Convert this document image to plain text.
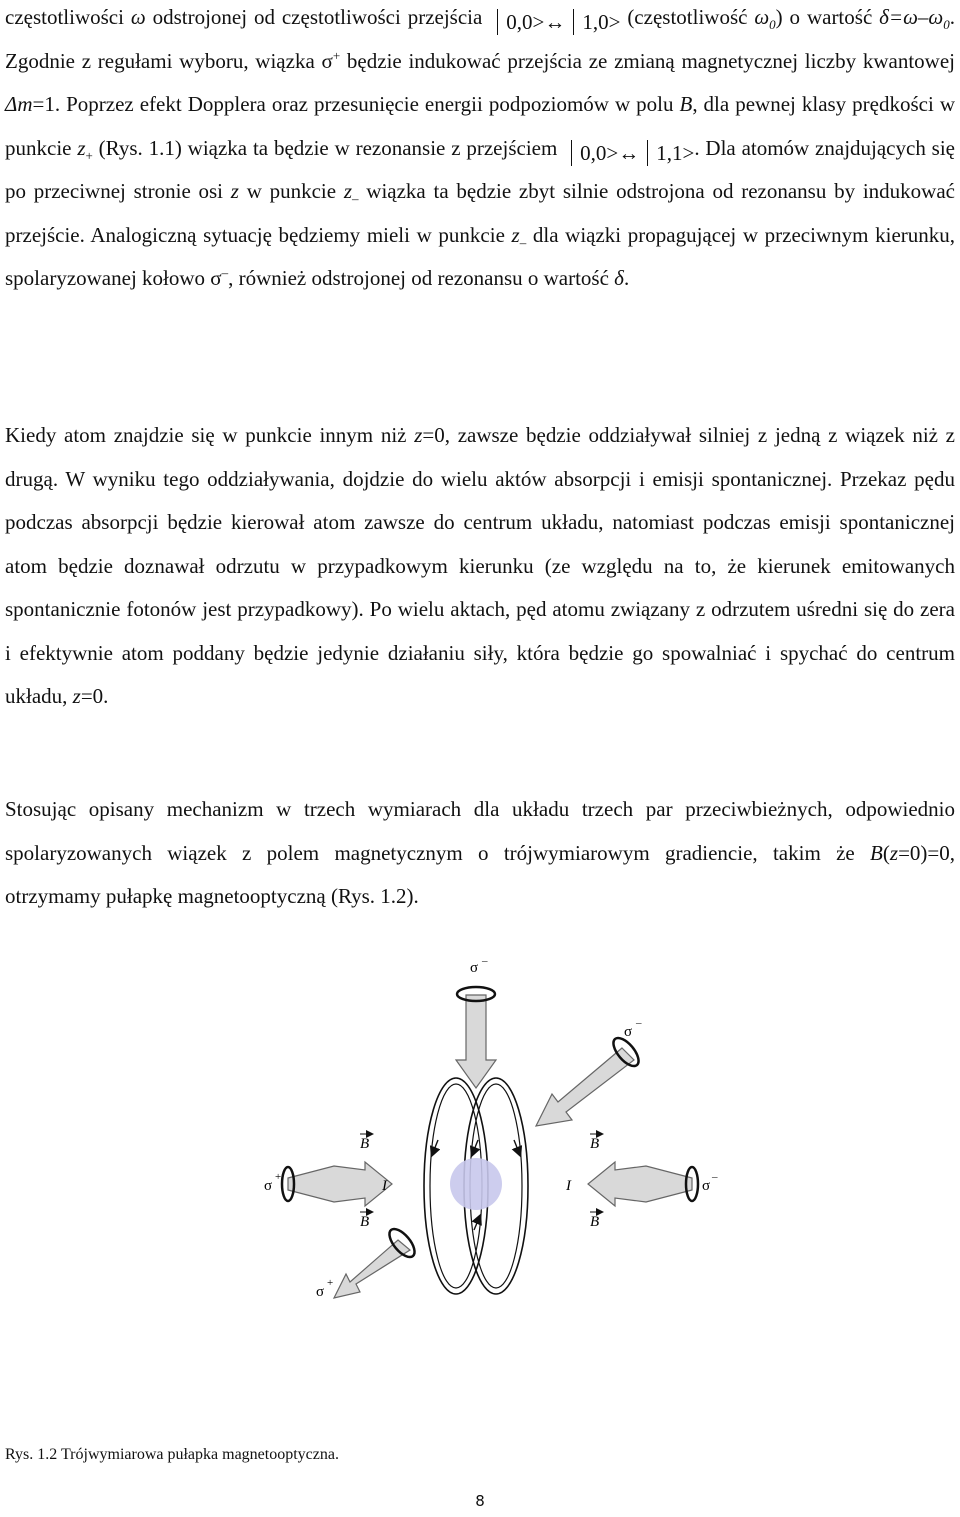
częstotliwości ω odstrojonej od częstotliwości przejścia 0,0>↔ 1,0> (częstotliwość $\omega_0$) o wartość $\delta=\omega-\omega_0$. Zgodnie z regułami wyboru, wiązka σ+ będzie indukować przejścia ze zmianą magnetycznej liczby kwantowej Δm=1. Poprzez efekt Dopplera oraz przesunięcie energii podpoziomów w polu B, dla pewnej klasy prędkości w punkcie $z_+$ (Rys. 1.1) wiązka ta będzie w rezonansie z przejściem 0,0>↔ 1,1>. Dla atomów znajdujących się po przeciwnej stronie osi z w punkcie $z_-$ wiązka ta będzie zbyt silnie odstrojona od rezonansu by indukować przejście. Analogiczną sytuację będziemy mieli w punkcie $z_-$ dla wiązki propagującej w przeciwnym kierunku, spolaryzowanej kołowo σ–, również odstrojonej od rezonansu o wartość δ.

Kiedy atom znajdzie się w punkcie innym niż z=0, zawsze będzie oddziaływał silniej z jedną z wiązek niż z drugą. W wyniku tego oddziaływania, dojdzie do wielu aktów absorpcji i emisji spontanicznej. Przekaz pędu podczas absorpcji będzie kierował atom zawsze do centrum układu, natomiast podczas emisji spontanicznej atom będzie doznawał odrzutu w przypadkowym kierunku (ze względu na to, że kierunek emitowanych spontanicznie fotonów jest przypadkowy). Po wielu aktach, pęd atomu związany z odrzutem uśredni się do zera i efektywnie atom poddany będzie jedynie działaniu siły, która będzie go spowalniać i spychać do centrum układu, z=0.

Stosując opisany mechanizm w trzech wymiarach dla układu trzech par przeciwbieżnych, odpowiednio spolaryzowanych wiązek z polem magnetycznym o trójwymiarowym gradiencie, takim że B(z=0)=0, otrzymamy pułapkę magnetooptyczną (Rys. 1.2).

σ –
σ
–
σ
+
σ
–
σ
+
B
B
B
B
I	I

Rys. 1.2 Trójwymiarowa pułapka magnetooptyczna.

8
